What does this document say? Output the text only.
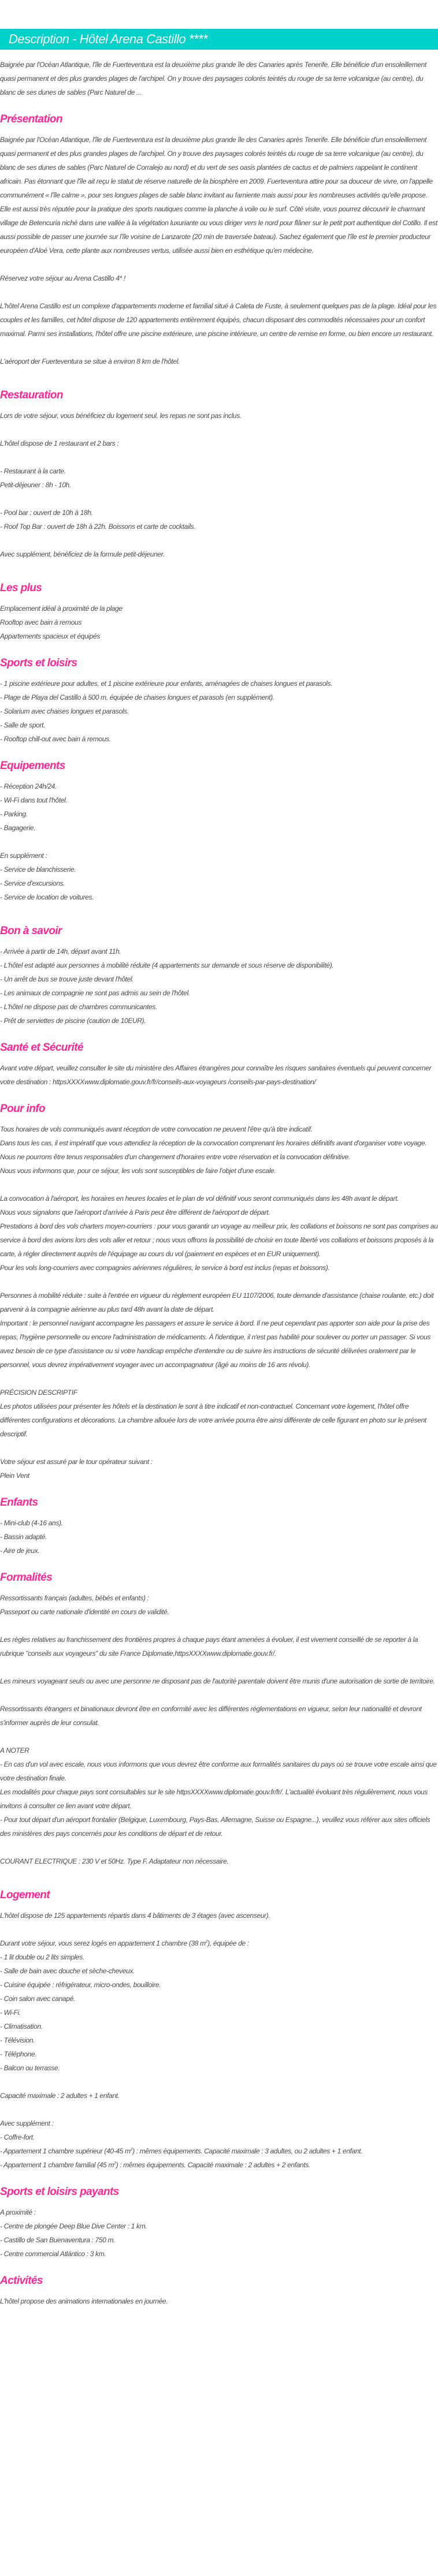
Description - Hôtel Arena Castillo ****

Baignée par l'Océan Atlantique, l'île de Fuerteventura est la deuxième plus grande île des Canaries après Tenerife. Elle bénéficie d'un ensoleillement quasi permanent et des plus grandes plages de l'archipel. On y trouve des paysages colorés teintés du rouge de sa terre volcanique (au centre), du blanc de ses dunes de sables (Parc Naturel de ...

Présentation

Baignée par l'Océan Atlantique, l'île de Fuerteventura est la deuxième plus grande île des Canaries après Tenerife. Elle bénéficie d'un ensoleillement quasi permanent et des plus grandes plages de l'archipel. On y trouve des paysages colorés teintés du rouge de sa terre volcanique (au centre), du blanc de ses dunes de sables (Parc Naturel de Corralejo au nord) et du vert de ses oasis plantées de cactus et de palmiers rappelant le continent africain. Pas étonnant que l'île ait reçu le statut de réserve naturelle de la biosphère en 2009. Fuerteventura attire pour sa douceur de vivre, on l'appelle communément « l'île calme », pour ses longues plages de sable blanc invitant au farniente mais aussi pour les nombreuses activités qu'elle propose. Elle est aussi très réputée pour la pratique des sports nautiques comme la planche à voile ou le surf. Côté visite, vous pourrez découvrir le charmant village de Betencuria niché dans une vallée à la végétation luxuriante ou vous diriger vers le nord pour flâner sur le petit port authentique del Cotillo. Il est aussi possible de passer une journée sur l'île voisine de Lanzarote (20 min de traversée bateau). Sachez également que l'île est le premier producteur européen d'Aloé Vera, cette plante aux nombreuses vertus, utilisée aussi bien en esthétique qu'en médecine.

Réservez votre séjour au Arena Castillo 4* !

L'hôtel Arena Castillo est un complexe d'appartements moderne et familial situé à Caleta de Fuste, à seulement quelques pas de la plage. Idéal pour les couples et les familles, cet hôtel dispose de 120 appartements entièrement équipés, chacun disposant des commodités nécessaires pour un confort maximal. Parmi ses installations, l'hôtel offre une piscine extérieure, une piscine intérieure, un centre de remise en forme, ou bien encore un restaurant.

L'aéroport der Fuerteventura se situe à environ 8 km de l'hôtel.

Restauration

Lors de votre séjour, vous bénéficiez du logement seul, les repas ne sont pas inclus.

L'hôtel dispose de 1 restaurant et 2 bars :

- Restaurant à la carte.

Petit-déjeuner : 8h - 10h.

- Pool bar : ouvert de 10h à 18h.

- Roof Top Bar : ouvert de 18h à 22h. Boissons et carte de cocktails.

Avec supplément, bénéficiez de la formule petit-déjeuner.

Les plus

Emplacement idéal à proximité de la plage

Rooftop avec bain à remous

Appartements spacieux et équipés

Sports et loisirs

- 1 piscine extérieure pour adultes, et 1 piscine extérieure pour enfants, aménagées de chaises longues et parasols.

- Plage de Playa del Castillo à 500 m, équipée de chaises longues et parasols (en supplément).

- Solarium avec chaises longues et parasols.

- Salle de sport.

- Rooftop chill-out avec bain à remous.

Equipements

- Réception 24h/24.

- Wi-Fi dans tout l'hôtel.

- Parking.

- Bagagerie.

En supplément :

- Service de blanchisserie.

- Service d'excursions.

- Service de location de voitures.

Bon à savoir

- Arrivée à partir de 14h, départ avant 11h.

- L'hôtel est adapté aux personnes à mobilité réduite (4 appartements sur demande et sous réserve de disponibilité).

- Un arrêt de bus se trouve juste devant l'hôtel.

- Les animaux de compagnie ne sont pas admis au sein de l'hôtel.

- L'hôtel ne dispose pas de chambres communicantes.

- Prêt de serviettes de piscine (caution de 10EUR).

Santé et Sécurité

Avant votre départ, veuillez consulter le site du ministère des Affaires étrangères pour connaître les risques sanitaires éventuels qui peuvent concerner votre destination : httpsXXXXwww.diplomatie.gouv.fr/fr/conseils-aux-voyageurs /conseils-par-pays-destination/

Pour info

Tous horaires de vols communiqués avant réception de votre convocation ne peuvent l'être qu'à titre indicatif.

Dans tous les cas, il est impératif que vous attendiez la réception de la convocation comprenant les horaires définitifs avant d'organiser votre voyage.

Nous ne pourrons être tenus responsables d'un changement d'horaires entre votre réservation et la convocation définitive.

Nous vous informons que, pour ce séjour, les vols sont susceptibles de faire l'objet d'une escale.

La convocation à l'aéroport, les horaires en heures locales et le plan de vol définitif vous seront communiqués dans les 48h avant le départ.

Nous vous signalons que l'aéroport d'arrivée à Paris peut être différent de l'aéroport de départ.

Prestations à bord des vols charters moyen-courriers : pour vous garantir un voyage au meilleur prix, les collations et boissons ne sont pas comprises au service à bord des avions lors des vols aller et retour ; nous vous offrons la possibilité de choisir en toute liberté vos collations et boissons proposés à la carte, à régler directement auprès de l'équipage au cours du vol (paiement en espèces et en EUR uniquement).

Pour les vols long-courriers avec compagnies aériennes régulières, le service à bord est inclus (repas et boissons).

Personnes à mobilité réduite : suite à l'entrée en vigueur du règlement européen EU 1107/2006, toute demande d'assistance (chaise roulante, etc.) doit parvenir à la compagnie aérienne au plus tard 48h avant la date de départ.

Important : le personnel navigant accompagne les passagers et assure le service à bord. Il ne peut cependant pas apporter son aide pour la prise des repas, l'hygiène personnelle ou encore l'administration de médicaments. À l'identique, il n'est pas habilité pour soulever ou porter un passager. Si vous avez besoin de ce type d'assistance ou si votre handicap empêche d'entendre ou de suivre les instructions de sécurité délivrées oralement par le personnel, vous devrez impérativement voyager avec un accompagnateur (âgé au moins de 16 ans révolu).

PRÉCISION DESCRIPTIF

Les photos utilisées pour présenter les hôtels et la destination le sont à titre indicatif et non-contractuel. Concernant votre logement, l'hôtel offre différentes configurations et décorations. La chambre allouée lors de votre arrivée pourra être ainsi différente de celle figurant en photo sur le présent descriptif.

Votre séjour est assuré par le tour opérateur suivant :

Plein Vent

Enfants

- Mini-club (4-16 ans).

- Bassin adapté.

- Aire de jeux.

Formalités

Ressortissants français (adultes, bébés et enfants) :

Passeport ou carte nationale d'identité en cours de validité.

Les règles relatives au franchissement des frontières propres à chaque pays étant amenées à évoluer, il est vivement conseillé de se reporter à la rubrique "conseils aux voyageurs" du site France Diplomatie,httpsXXXXwww.diplomatie.gouv.fr/.

Les mineurs voyageant seuls ou avec une personne ne disposant pas de l'autorité parentale doivent être munis d'une autorisation de sortie de territoire.

Ressortissants étrangers et binationaux devront être en conformité avec les différentes réglementations en vigueur, selon leur nationalité et devront s'informer auprès de leur consulat.

A NOTER

- En cas d'un vol avec escale, nous vous informons que vous devrez être conforme aux formalités sanitaires du pays où se trouve votre escale ainsi que votre destination finale.

Les modalités pour chaque pays sont consultables sur le site httpsXXXXwww.diplomatie.gouv.fr/fr/. L'actualité évoluant très régulièrement, nous vous invitons à consulter ce lien avant votre départ.

- Pour tout départ d'un aéroport frontalier (Belgique, Luxembourg, Pays-Bas, Allemagne, Suisse ou Espagne...), veuillez vous référer aux sites officiels des ministères des pays concernés pour les conditions de départ et de retour.

COURANT ELECTRIQUE : 230 V et 50Hz. Type F. Adaptateur non nécessaire.

Logement

L'hôtel dispose de 125 appartements répartis dans 4 bâtiments de 3 étages (avec ascenseur).

Durant votre séjour, vous serez logés en appartement 1 chambre (38 $m^2$), équipée de :

- 1 lit double ou 2 lits simples.

- Salle de bain avec douche et sèche-cheveux.

- Cuisine équipée : réfrigérateur, micro-ondes, bouilloire.

- Coin salon avec canapé.

- Wi-Fi.

- Climatisation.

- Télévision.

- Téléphone.

- Balcon ou terrasse.

Capacité maximale : 2 adultes + 1 enfant.

Avec supplément :

- Coffre-fort.

- Appartement 1 chambre supérieur (40-45 $m^2$) : mêmes équipements. Capacité maximale : 3 adultes, ou 2 adultes + 1 enfant.

- Appartement 1 chambre familial (45 $m^2$) : mêmes équipements. Capacité maximale : 2 adultes + 2 enfants.

Sports et loisirs payants

A proximité :

- Centre de plongée Deep Blue Dive Center : 1 km.

- Castillo de San Buenaventura : 750 m.

- Centre commercial Atlántico : 3 km.

Activités

L'hôtel propose des animations internationales en journée.
